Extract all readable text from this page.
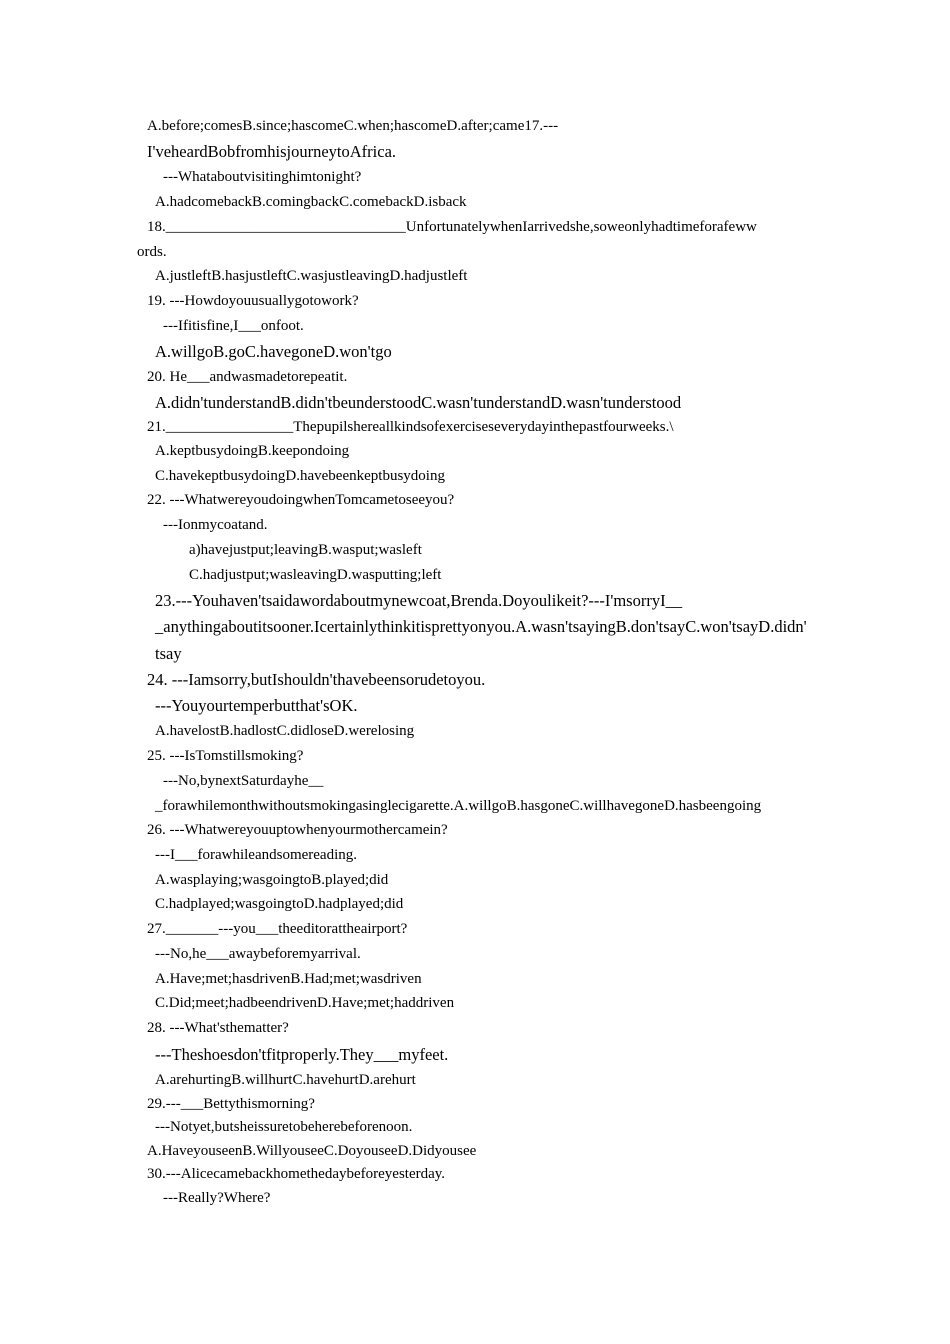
A.before;comesB.since;hascomeC.when;hascomeD.after;came17.---
I'veheardBobfromhisjourneytoAfrica.
---Whataboutvisitinghimtonight?
A.hadcomebackB.comingbackC.comebackD.isback
18.________________________________UnfortunatelywhenIarrivedshe,soweonlyhadtimeforafeww
ords.
A.justleftB.hasjustleftC.wasjustleavingD.hadjustleft
19. ---Howdoyouusuallygotowork?
---Ifitisfine,I___onfoot.
A.willgoB.goC.havegoneD.won'tgo
20. He___andwasmadetorepeatit.
A.didn'tunderstandB.didn'tbeunderstoodC.wasn'tunderstandD.wasn'tunderstood
21._________________Thepupilshereallkindsofexerciseseverydayinthepastfourweeks.\
A.keptbusydoingB.keepondoing
C.havekeptbusydoingD.havebeenkeptbusydoing
22. ---WhatwereyoudoingwhenTomcametoseeyou?
---Ionmycoatand.
a)havejustput;leavingB.wasput;wasleft
C.hadjustput;wasleavingD.wasputting;left
23.---Youhaven'tsaidawordaboutmynewcoat,Brenda.Doyoulikeit?---I'msorryI__
_anythingaboutitsooner.Icertainlythinkitisprettyonyou.A.wasn'tsayingB.don'tsayC.won'tsayD.didn'
tsay
24. ---Iamsorry,butIshouldn'thavebeensorudetoyou.
---Youyourtemperbutthat'sOK.
A.havelostB.hadlostC.didloseD.werelosing
25. ---IsTomstillsmoking?
---No,bynextSaturdayhe__
_forawhilemonthwithoutsmokingasinglecigarette.A.willgoB.hasgoneC.willhavegoneD.hasbeengoing
26. ---Whatwereyouuptowhenyourmothercamein?
---I___forawhileandsomereading.
A.wasplaying;wasgoingtoB.played;did
C.hadplayed;wasgoingtoD.hadplayed;did
27._______---you___theeditorattheairport?
---No,he___awaybeforemyarrival.
A.Have;met;hasdrivenB.Had;met;wasdriven
C.Did;meet;hadbeendrivenD.Have;met;haddriven
28. ---What'sthematter?
---Theshoesdon'tfitproperly.They___myfeet.
A.arehurtingB.willhurtC.havehurtD.arehurt
29.---___Bettythismorning?
---Notyet,butsheissuretobeherebeforenoon.
A.HaveyouseenB.WillyouseeC.DoyouseeD.Didyousee
30.---Alicecamebackhomethedaybeforeyesterday.
---Really?Where?
